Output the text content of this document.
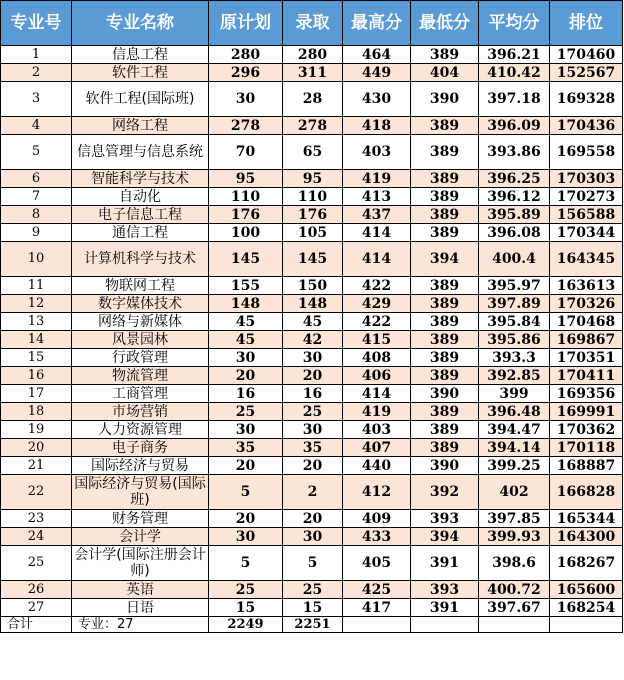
专业号	专业名称	原计划	录取	最高分	最低分	平均分	排位
1	信息工程	280	280	464	389	396.21	170460
2	软件工程	296	311	449	404	410.42	152567
3	软件工程(国际班)	30	28	430	390	397.18	169328
4	网络工程	278	278	418	389	396.09	170436
5	信息管理与信息系统	70	65	403	389	393.86	169558
6	智能科学与技术	95	95	419	389	396.25	170303
7	自动化	110	110	413	389	396.12	170273
8	电子信息工程	176	176	437	389	395.89	156588
9	通信工程	100	105	414	389	396.08	170344
10	计算机科学与技术	145	145	414	394	400.4	164345
11	物联网工程	155	150	422	389	395.97	163613
12	数字媒体技术	148	148	429	389	397.89	170326
13	网络与新媒体	45	45	422	389	395.84	170468
14	风景园林	45	42	415	389	395.86	169867
15	行政管理	30	30	408	389	393.3	170351
16	物流管理	20	20	406	389	392.85	170411
17	工商管理	16	16	414	390	399	169356
18	市场营销	25	25	419	389	396.48	169991
19	人力资源管理	30	30	403	389	394.47	170362
20	电子商务	35	35	407	389	394.14	170118
21	国际经济与贸易	20	20	440	390	399.25	168887
22	国际经济与贸易(国际班)	5	2	412	392	402	166828
23	财务管理	20	20	409	393	397.85	165344
24	会计学	30	30	433	394	399.93	164300
25	会计学(国际注册会计师)	5	5	405	391	398.6	168267
26	英语	25	25	425	393	400.72	165600
27	日语	15	15	417	391	397.67	168254
合计	专业：27	2249	2251				
